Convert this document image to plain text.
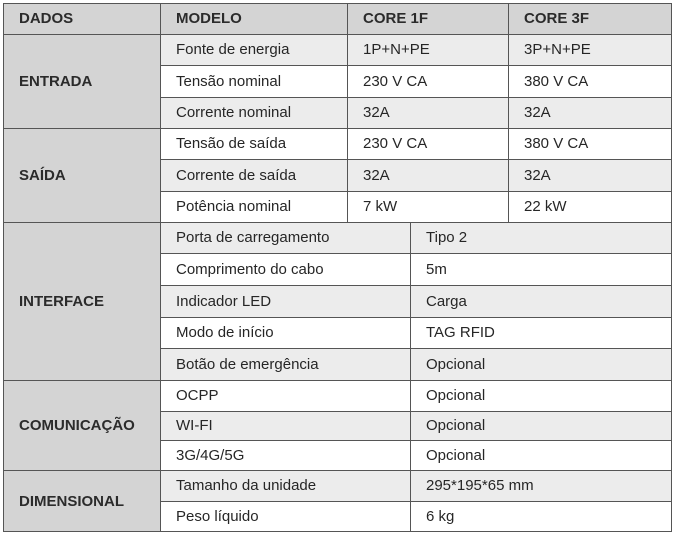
DADOS	MODELO	CORE 1F	CORE 3F
ENTRADA
Fonte de energia	1P+N+PE	3P+N+PE
Tensão nominal	230 V CA	380 V CA
Corrente nominal	32A	32A
SAÍDA
Tensão de saída	230 V CA	380 V CA
Corrente de saída	32A	32A
Potência nominal	7 kW	22 kW
INTERFACE
Porta de carregamento	Tipo 2
Comprimento do cabo	5m
Indicador LED	Carga
Modo de início	TAG RFID
Botão de emergência	Opcional
COMUNICAÇÃO
OCPP	Opcional
WI-FI	Opcional
3G/4G/5G	Opcional
DIMENSIONAL
Tamanho da unidade	295*195*65 mm
Peso líquido	6 kg
